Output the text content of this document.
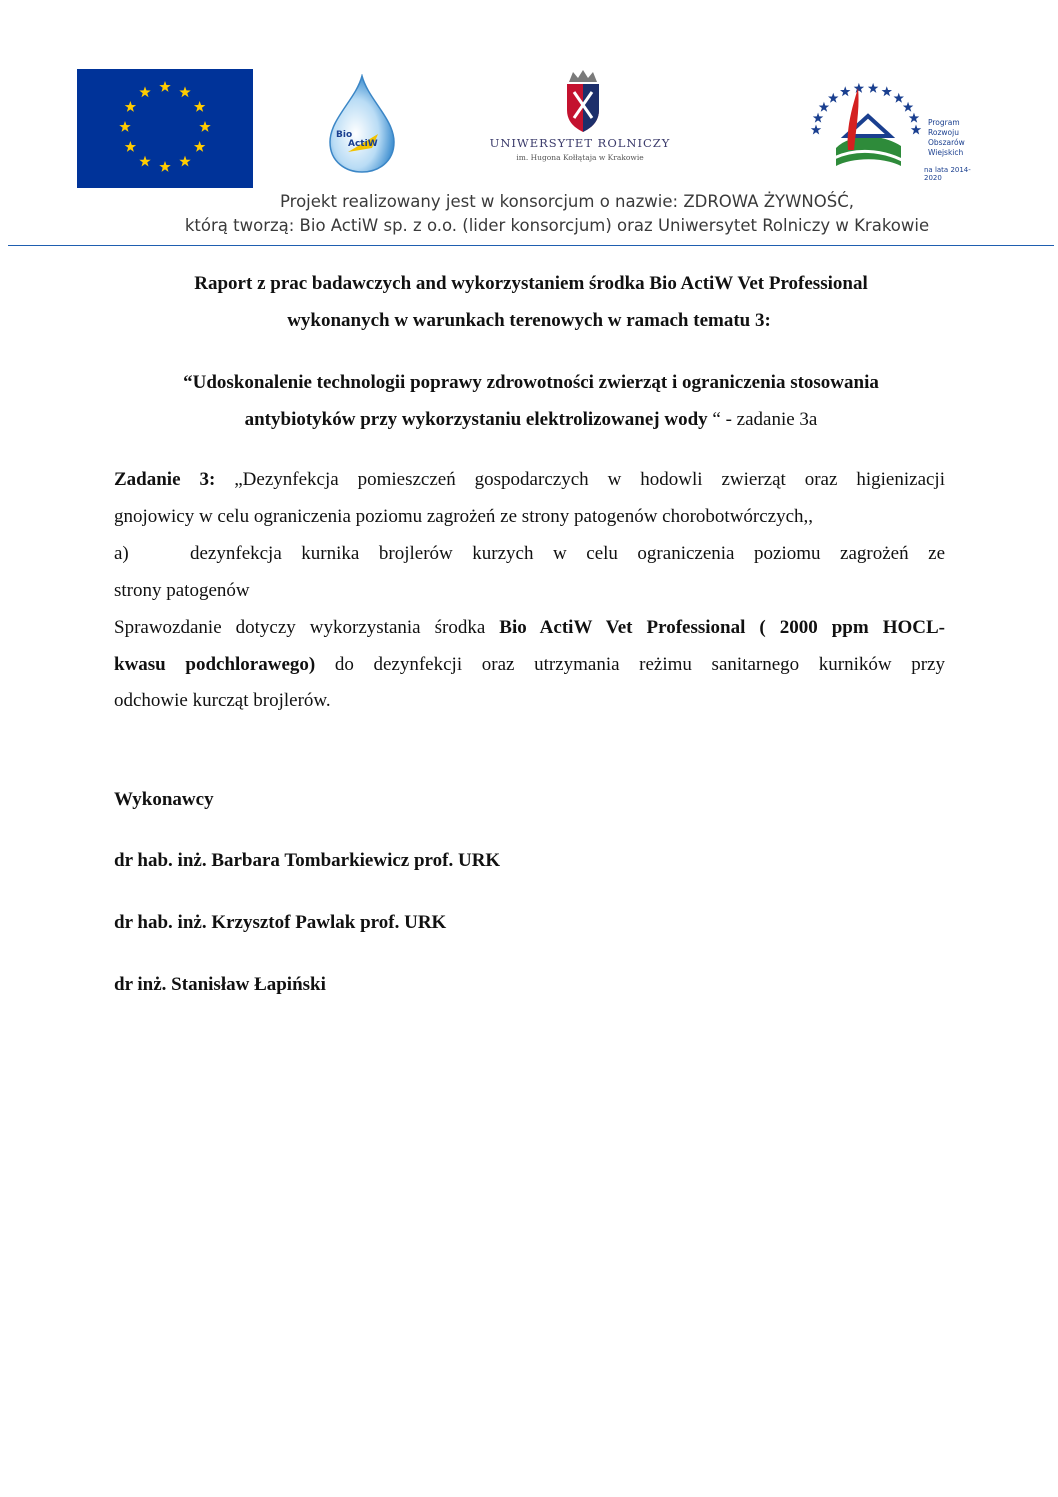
Bio
ActiW	UNIWERSYTET ROLNICZY
im. Hugona Kołłątaja w Krakowie
Program
Rozwoju
Obszarów
Wiejskich
na lata 2014-2020
Projekt realizowany jest w konsorcjum o nazwie: ZDROWA ŻYWNOŚĆ,
którą tworzą: Bio ActiW sp. z o.o. (lider konsorcjum) oraz Uniwersytet Rolniczy w Krakowie
Raport z prac badawczych and wykorzystaniem środka Bio ActiW Vet Professional
wykonanych w warunkach terenowych w ramach tematu 3:
“Udoskonalenie technologii poprawy zdrowotności zwierząt i ograniczenia stosowania
antybiotyków przy wykorzystaniu elektrolizowanej wody “ - zadanie 3a
Zadanie 3: „Dezynfekcja pomieszczeń gospodarczych w hodowli zwierząt oraz higienizacji
gnojowicy w celu ograniczenia poziomu zagrożeń ze strony patogenów chorobotwórczych,,
a)	dezynfekcja kurnika brojlerów kurzych w celu ograniczenia poziomu zagrożeń ze
strony patogenów
Sprawozdanie dotyczy wykorzystania środka Bio ActiW Vet Professional ( 2000 ppm HOCL-
kwasu podchlorawego) do dezynfekcji oraz utrzymania reżimu sanitarnego kurników przy
odchowie kurcząt brojlerów.
Wykonawcy
dr hab. inż. Barbara Tombarkiewicz prof. URK
dr hab. inż. Krzysztof Pawlak prof. URK
dr inż. Stanisław Łapiński
